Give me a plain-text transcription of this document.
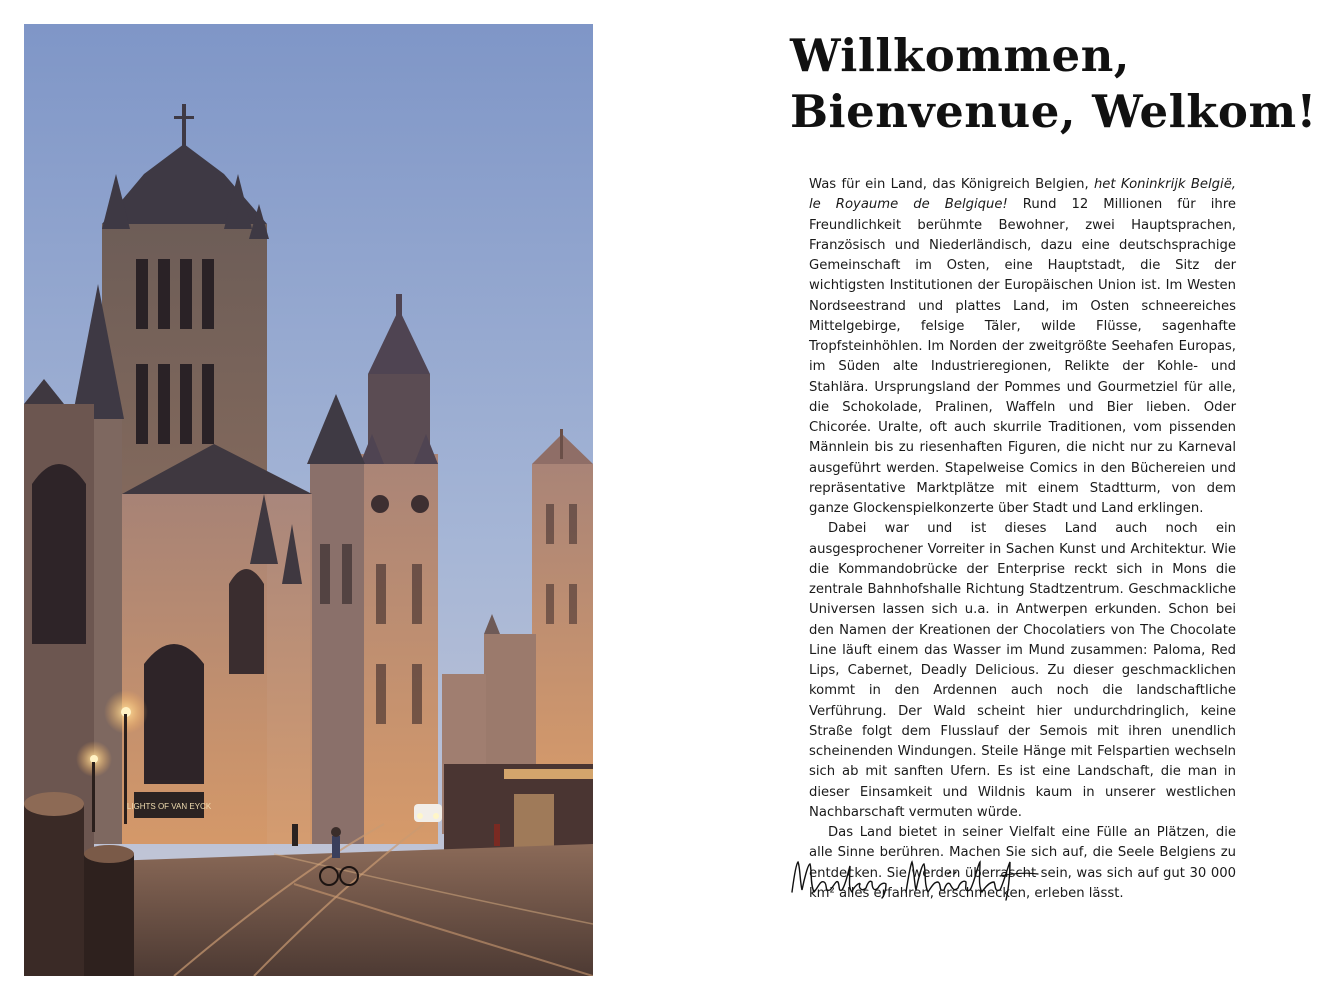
LIGHTS OF VAN EYCK
Willkommen,
Bienvenue, Welkom!

Was für ein Land, das Königreich Belgien, het Koninkrijk België, le Royaume de Belgique! Rund 12 Millionen für ihre Freundlichkeit berühmte Bewohner, zwei Hauptsprachen, Französisch und Niederländisch, dazu eine deutschsprachige Gemeinschaft im Osten, eine Hauptstadt, die Sitz der wichtigsten Institutionen der Europäischen Union ist. Im Westen Nordseestrand und plattes Land, im Osten schneereiches Mittelgebirge, felsige Täler, wilde Flüsse, sagenhafte Tropfsteinhöhlen. Im Norden der zweitgrößte Seehafen Europas, im Süden alte Industrieregionen, Relikte der Kohle- und Stahlära. Ursprungsland der Pommes und Gourmetziel für alle, die Schokolade, Pralinen, Waffeln und Bier lieben. Oder Chicorée. Uralte, oft auch skurrile Traditionen, vom pissenden Männlein bis zu riesenhaften Figuren, die nicht nur zu Karneval ausgeführt werden. Stapelweise Comics in den Büchereien und repräsentative Marktplätze mit einem Stadtturm, von dem ganze Glockenspielkonzerte über Stadt und Land erklingen.

Dabei war und ist dieses Land auch noch ein ausgesprochener Vorreiter in Sachen Kunst und Architektur. Wie die Kommandobrücke der Enterprise reckt sich in Mons die zentrale Bahnhofshalle Richtung Stadtzentrum. Geschmackliche Universen lassen sich u.a. in Antwerpen erkunden. Schon bei den Namen der Kreationen der Chocolatiers von The Chocolate Line läuft einem das Wasser im Mund zusammen: Paloma, Red Lips, Cabernet, Deadly Delicious. Zu dieser geschmacklichen kommt in den Ardennen auch noch die landschaftliche Verführung. Der Wald scheint hier undurchdringlich, keine Straße folgt dem Flusslauf der Semois mit ihren unendlich scheinenden Windungen. Steile Hänge mit Felspartien wechseln sich ab mit sanften Ufern. Es ist eine Landschaft, die man in dieser Einsamkeit und Wildnis kaum in unserer westlichen Nachbarschaft vermuten würde.

Das Land bietet in seiner Vielfalt eine Fülle an Plätzen, die alle Sinne berühren. Machen Sie sich auf, die Seele Belgiens zu entdecken. Sie werden überrascht sein, was sich auf gut 30 000 km² alles erfahren, erschmecken, erleben lässt.
